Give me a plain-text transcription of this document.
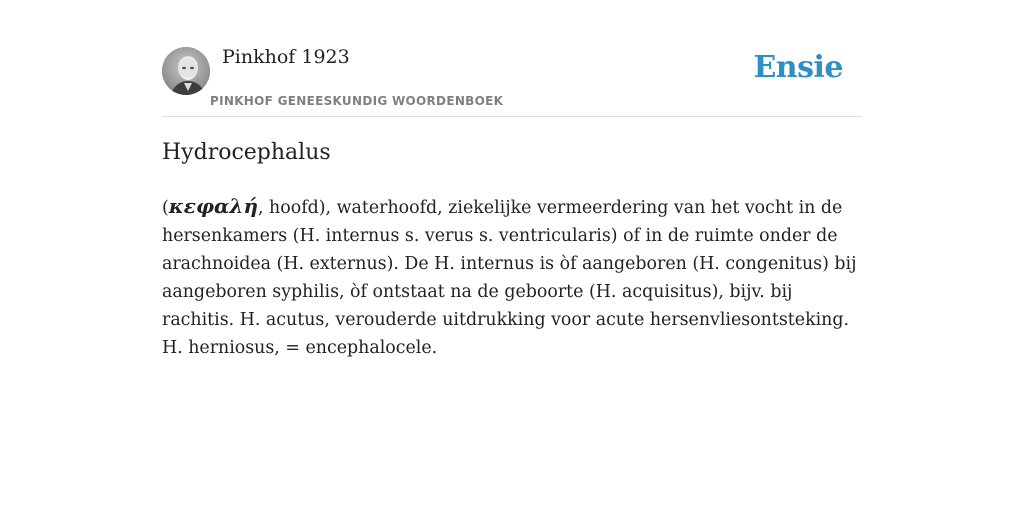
Pinkhof 1923
PINKHOF GENEESKUNDIG WOORDENBOEK
Ensie
Hydrocephalus

(κεφαλή, hoofd), waterhoofd, ziekelijke vermeerdering van het vocht in de hersenkamers (H. internus s. verus s. ventricularis) of in de ruimte onder de arachnoidea (H. externus). De H. internus is òf aangeboren (H. congenitus) bij aangeboren syphilis, òf ontstaat na de geboorte (H. acquisitus), bijv. bij rachitis. H. acutus, verouderde uitdrukking voor acute hersenvliesontsteking. H. herniosus, = encephalocele.
